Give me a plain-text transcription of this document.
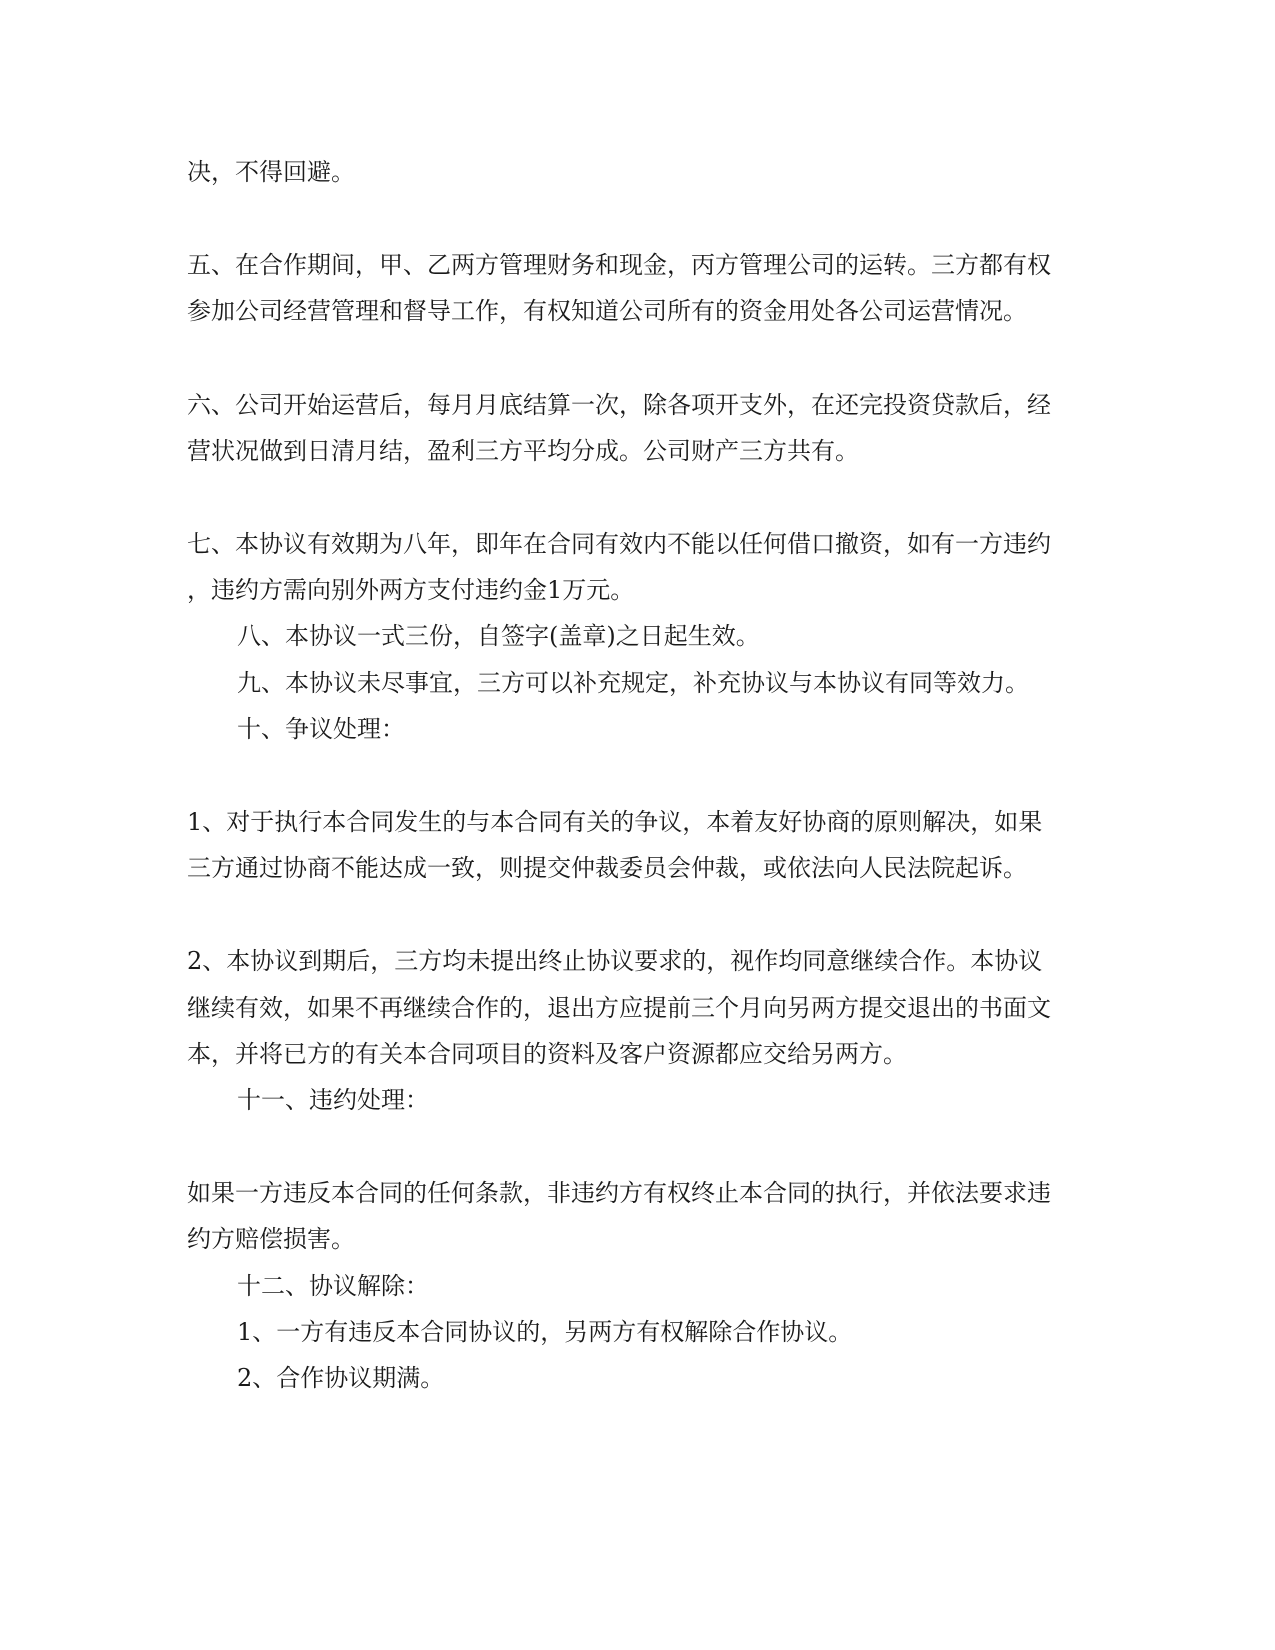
决，不得回避。
五、在合作期间，甲、乙两方管理财务和现金，丙方管理公司的运转。三方都有权
参加公司经营管理和督导工作，有权知道公司所有的资金用处各公司运营情况。
六、公司开始运营后，每月月底结算一次，除各项开支外，在还完投资贷款后，经
营状况做到日清月结，盈利三方平均分成。公司财产三方共有。
七、本协议有效期为八年，即年在合同有效内不能以任何借口撤资，如有一方违约
，违约方需向别外两方支付违约金1万元。
八、本协议一式三份，自签字(盖章)之日起生效。
九、本协议未尽事宜，三方可以补充规定，补充协议与本协议有同等效力。
十、争议处理：
1、对于执行本合同发生的与本合同有关的争议，本着友好协商的原则解决，如果
三方通过协商不能达成一致，则提交仲裁委员会仲裁，或依法向人民法院起诉。
2、本协议到期后，三方均未提出终止协议要求的，视作均同意继续合作。本协议
继续有效，如果不再继续合作的，退出方应提前三个月向另两方提交退出的书面文
本，并将已方的有关本合同项目的资料及客户资源都应交给另两方。
十一、违约处理：
如果一方违反本合同的任何条款，非违约方有权终止本合同的执行，并依法要求违
约方赔偿损害。
十二、协议解除：
1、一方有违反本合同协议的，另两方有权解除合作协议。
2、合作协议期满。
